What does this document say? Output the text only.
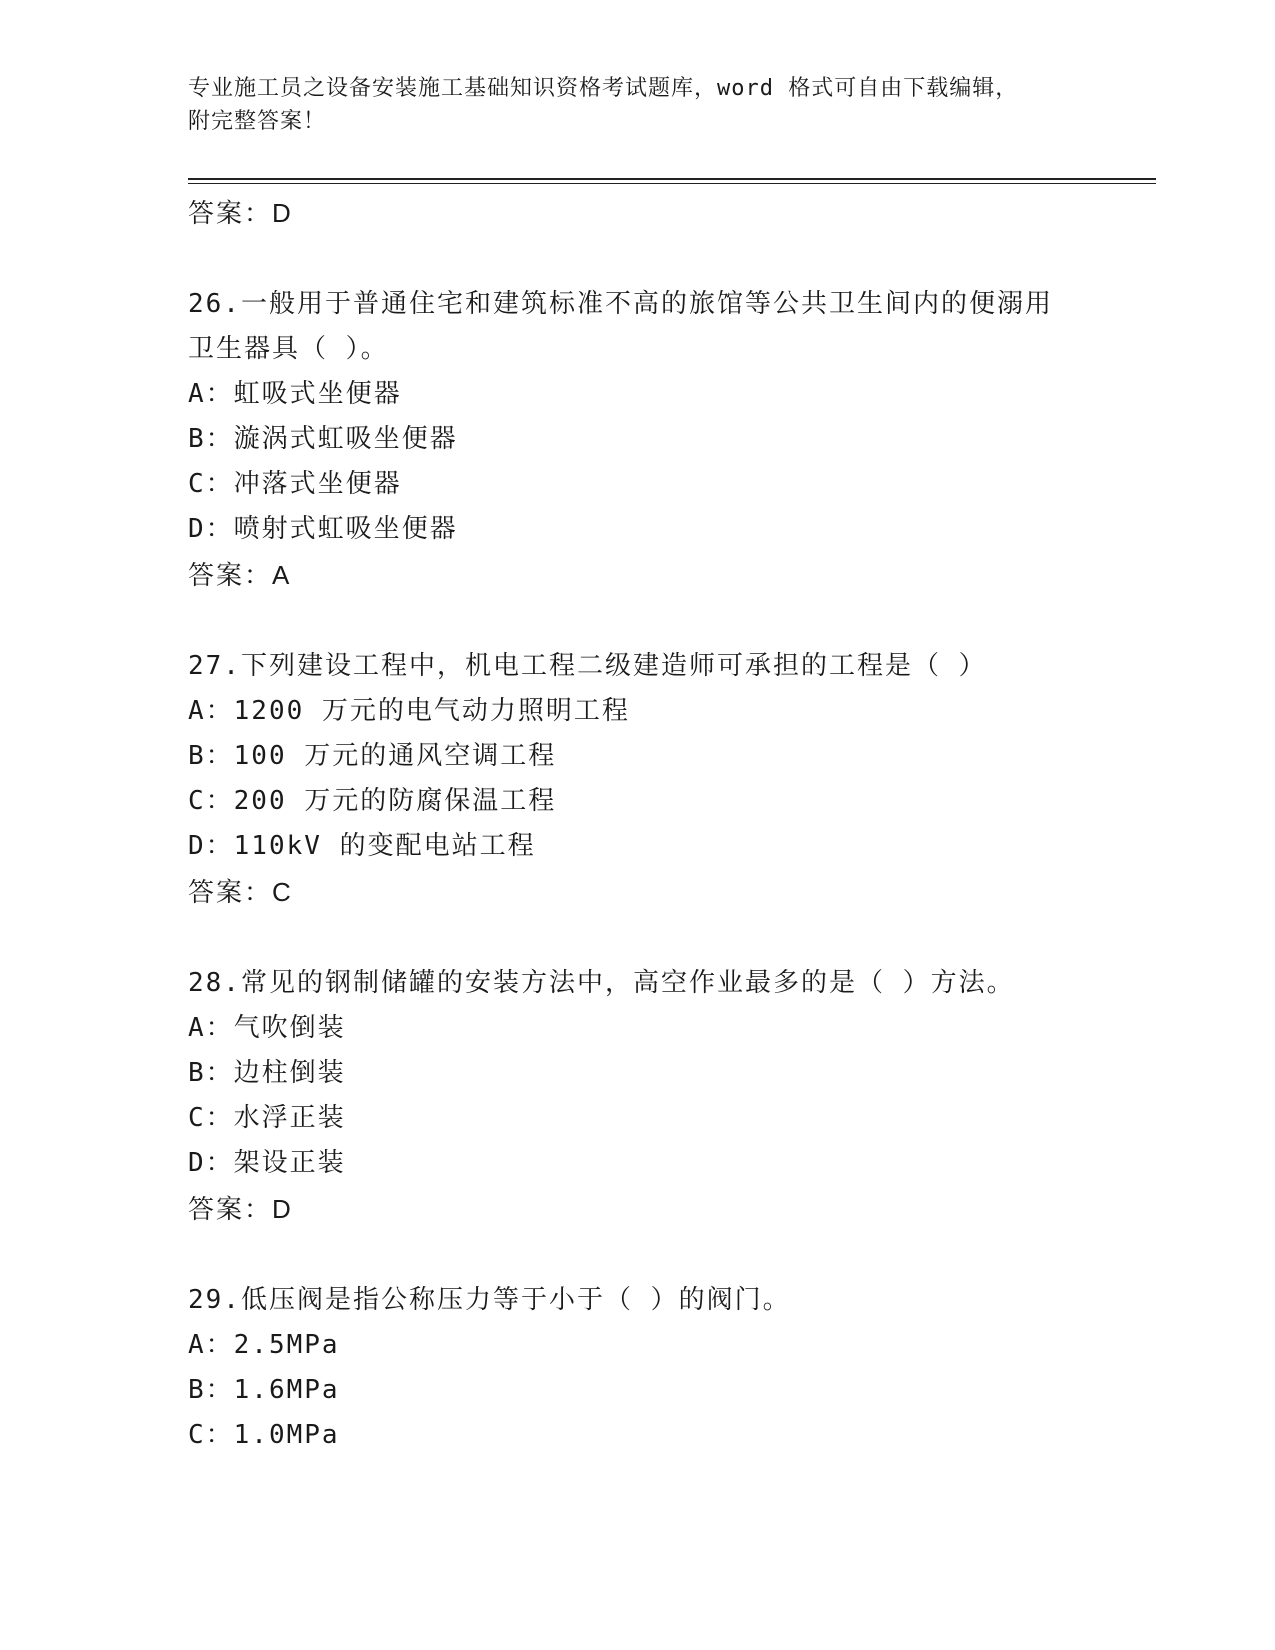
专业施工员之设备安装施工基础知识资格考试题库，word 格式可自由下载编辑，
附完整答案！
答案：D
26.一般用于普通住宅和建筑标准不高的旅馆等公共卫生间内的便溺用
卫生器具（ ）。
A：虹吸式坐便器
B：漩涡式虹吸坐便器
C：冲落式坐便器
D：喷射式虹吸坐便器
答案：A
27.下列建设工程中，机电工程二级建造师可承担的工程是（ ）
A：1200 万元的电气动力照明工程
B：100 万元的通风空调工程
C：200 万元的防腐保温工程
D：110kV 的变配电站工程
答案：C
28.常见的钢制储罐的安装方法中，高空作业最多的是（ ）方法。
A：气吹倒装
B：边柱倒装
C：水浮正装
D：架设正装
答案：D
29.低压阀是指公称压力等于小于（ ）的阀门。
A：2.5MPa
B：1.6MPa
C：1.0MPa
